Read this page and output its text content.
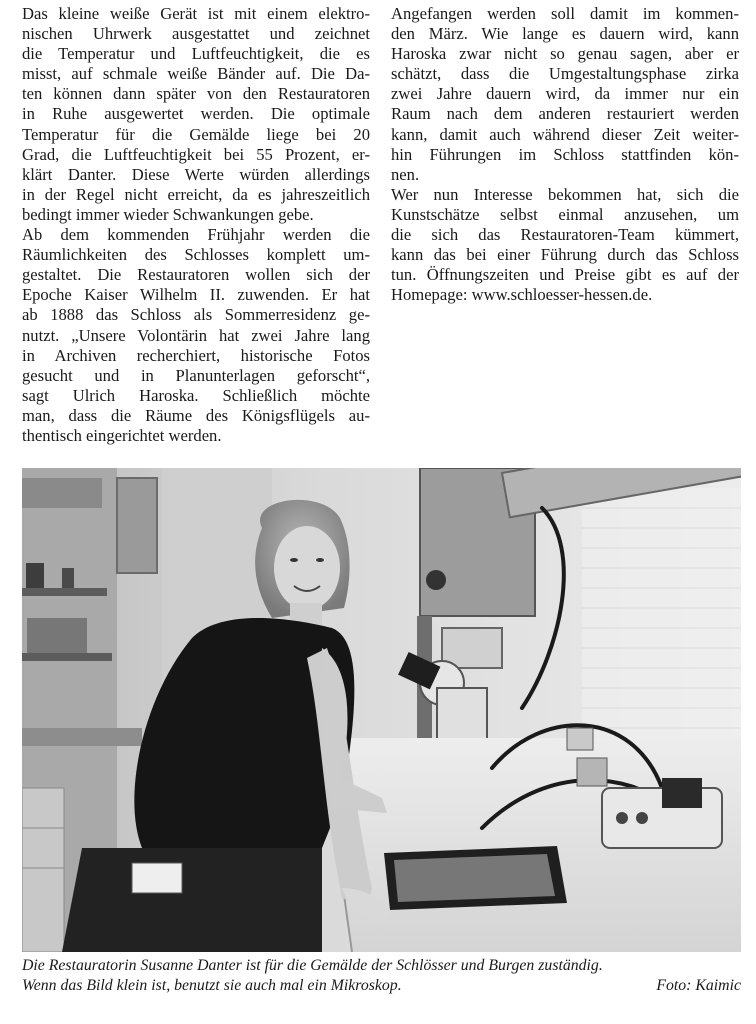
Das kleine weiße Gerät ist mit einem elektro-
nischen Uhrwerk ausgestattet und zeichnet
die Temperatur und Luftfeuchtigkeit, die es
misst, auf schmale weiße Bänder auf. Die Da-
ten können dann später von den Restauratoren
in Ruhe ausgewertet werden. Die optimale
Temperatur für die Gemälde liege bei 20
Grad, die Luftfeuchtigkeit bei 55 Prozent, er-
klärt Danter. Diese Werte würden allerdings
in der Regel nicht erreicht, da es jahreszeitlich
bedingt immer wieder Schwankungen gebe.

Ab dem kommenden Frühjahr werden die
Räumlichkeiten des Schlosses komplett um-
gestaltet. Die Restauratoren wollen sich der
Epoche Kaiser Wilhelm II. zuwenden. Er hat
ab 1888 das Schloss als Sommerresidenz ge-
nutzt. „Unsere Volontärin hat zwei Jahre lang
in Archiven recherchiert, historische Fotos
gesucht und in Planunterlagen geforscht“,
sagt Ulrich Haroska. Schließlich möchte
man, dass die Räume des Königsflügels au-
thentisch eingerichtet werden.

Angefangen werden soll damit im kommen-
den März. Wie lange es dauern wird, kann
Haroska zwar nicht so genau sagen, aber er
schätzt, dass die Umgestaltungsphase zirka
zwei Jahre dauern wird, da immer nur ein
Raum nach dem anderen restauriert werden
kann, damit auch während dieser Zeit weiter-
hin Führungen im Schloss stattfinden kön-
nen.

Wer nun Interesse bekommen hat, sich die
Kunstschätze selbst einmal anzusehen, um
die sich das Restauratoren-Team kümmert,
kann das bei einer Führung durch das Schloss
tun. Öffnungszeiten und Preise gibt es auf der
Homepage: www.schloesser-hessen.de.

Die Restauratorin Susanne Danter ist für die Gemälde der Schlösser und Burgen zuständig.
Wenn das Bild klein ist, benutzt sie auch mal ein Mikroskop.	Foto: Kaimic
